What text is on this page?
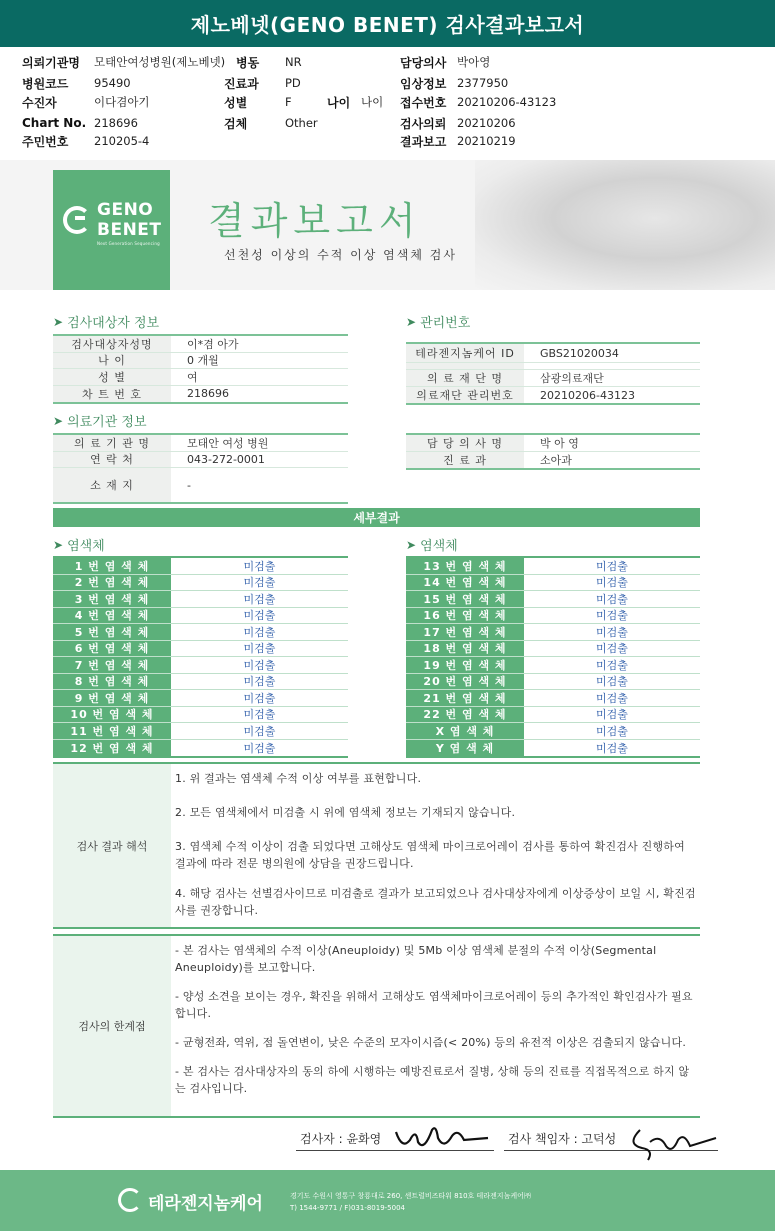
제노베넷(GENO BENET) 검사결과보고서
의뢰기관명	모태안여성병원(제노베넷)
병원코드	95490
수진자	이다겸아기
Chart No. 218696
주민번호	210205-4
병동	NR
진료과	PD
성별	F	나이 나이
검체	Other
담당의사 박아영
임상정보 2377950
접수번호 20210206-43123
검사의뢰 20210206
결과보고 20210219
GENO
BENET
Next Generation Sequencing
결과보고서
선천성 이상의 수적 이상 염색체 검사
➤ 검사대상자 정보
검사대상자성명	이*겸 아가
나 이	0 개월
성 별	여
차 트 번 호	218696
➤ 관리번호
테라젠지놈케어 ID	GBS21020034
의 료 재 단 명	삼광의료재단
의료재단 관리번호	20210206-43123
➤ 의료기관 정보
의 료 기 관 명	모태안 여성 병원
연 락 처	043-272-0001
소 재 지	-
담 당 의 사 명	박 아 영
진 료 과	소아과
세부결과
➤ 염색체	➤ 염색체
1 번 염 색 체	미검출
2 번 염 색 체	미검출
3 번 염 색 체	미검출
4 번 염 색 체	미검출
5 번 염 색 체	미검출
6 번 염 색 체	미검출
7 번 염 색 체	미검출
8 번 염 색 체	미검출
9 번 염 색 체	미검출
10 번 염 색 체	미검출
11 번 염 색 체	미검출
12 번 염 색 체	미검출
13 번 염 색 체	미검출
14 번 염 색 체	미검출
15 번 염 색 체	미검출
16 번 염 색 체	미검출
17 번 염 색 체	미검출
18 번 염 색 체	미검출
19 번 염 색 체	미검출
20 번 염 색 체	미검출
21 번 염 색 체	미검출
22 번 염 색 체	미검출
X 염 색 체	미검출
Y 염 색 체	미검출
검사 결과 해석

1. 위 결과는 염색체 수적 이상 여부를 표현합니다.

2. 모든 염색체에서 미검출 시 위에 염색체 정보는 기재되지 않습니다.

3. 염색체 수적 이상이 검출 되었다면 고해상도 염색체 마이크로어레이 검사를 통하여 확진검사 진행하여 결과에 따라 전문 병의원에 상담을 권장드립니다.

4. 해당 검사는 선별검사이므로 미검출로 결과가 보고되었으나 검사대상자에게 이상증상이 보일 시, 확진검사를 권장합니다.

검사의 한계점

- 본 검사는 염색체의 수적 이상(Aneuploidy) 및 5Mb 이상 염색체 분절의 수적 이상(Segmental Aneuploidy)를 보고합니다.

- 양성 소견을 보이는 경우, 확진을 위해서 고해상도 염색체마이크로어레이 등의 추가적인 확인검사가 필요합니다.

- 균형전좌, 역위, 점 돌연변이, 낮은 수준의 모자이시즘(< 20%) 등의 유전적 이상은 검출되지 않습니다.

- 본 검사는 검사대상자의 동의 하에 시행하는 예방진료로서 질병, 상해 등의 진료를 직접목적으로 하지 않는 검사입니다.

검사자 : 윤화영	검사 책임자 : 고덕성
테라젠지놈케어	경기도 수원시 영통구 창룡대로 260, 센트럴비즈타워 810호 테라젠지놈케어㈜
T) 1544-9771 / F)031-8019-5004
